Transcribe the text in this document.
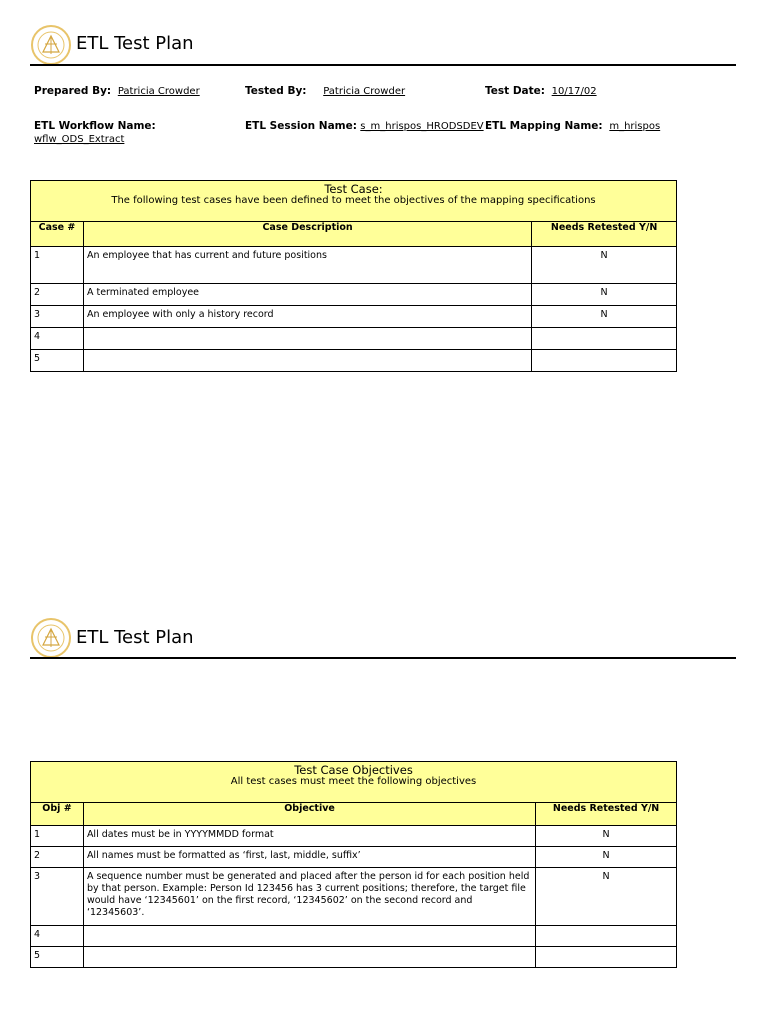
ETL Test Plan
Prepared By: Patricia Crowder	Tested By: Patricia Crowder	Test Date: 10/17/02
ETL Workflow Name:
wflw_ODS_Extract
ETL Session Name: s_m_hrispos_HRODSDEV ETL Mapping Name: m_hrispos
Test Case:
The following test cases have been defined to meet the objectives of the mapping specifications		

Case #	Case Description	Needs Retested Y/N
1	An employee that has current and future positions	N
2	A terminated employee	N
3	An employee with only a history record	N
4		
5		
ETL Test Plan
Test Case Objectives
All test cases must meet the following objectives		

Obj #	Objective	Needs Retested Y/N
1	All dates must be in YYYYMMDD format	N
2	All names must be formatted as ‘first, last, middle, suffix’	N
3	A sequence number must be generated and placed after the person id for each position held by that person. Example: Person Id 123456 has 3 current positions; therefore, the target file would have ‘12345601’ on the first record, ‘12345602’ on the second record and ‘12345603’.	N
4		
5		
